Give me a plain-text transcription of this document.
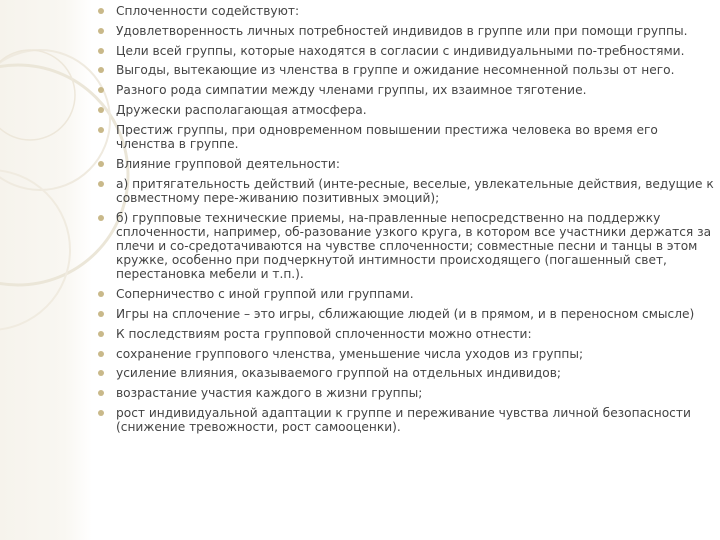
Сплоченности содействуют:
Удовлетворенность личных потребностей индивидов в группе или при помощи группы.
Цели всей группы, которые находятся в согласии с индивидуальными по-требностями.
Выгоды, вытекающие из членства в группе и ожидание несомненной пользы от него.
Разного рода симпатии между членами группы, их взаимное тяготение.
Дружески располагающая атмосфера.
Престиж группы, при одновременном повышении престижа человека во время его членства в группе.
Влияние групповой деятельности:
а) притягательность действий (инте-ресные, веселые, увлекательные действия, ведущие к совместному пере-живанию позитивных эмоций);
б) групповые технические приемы, на-правленные непосредственно на поддержку сплоченности, например, об-разование узкого круга, в котором все участники держатся за плечи и со-средотачиваются на чувстве сплоченности; совместные песни и танцы в этом кружке, особенно при подчеркнутой интимности происходящего (погашенный свет, перестановка мебели и т.п.).
Соперничество с иной группой или группами.
Игры на сплочение – это игры, сближающие людей (и в прямом, и в переносном смысле)
К последствиям роста групповой сплоченности можно отнести:
сохранение группового членства, уменьшение числа уходов из группы;
усиление влияния, оказываемого группой на отдельных индивидов;
возрастание участия каждого в жизни группы;
рост индивидуальной адаптации к группе и переживание чувства личной безопасности (снижение тревожности, рост самооценки).
